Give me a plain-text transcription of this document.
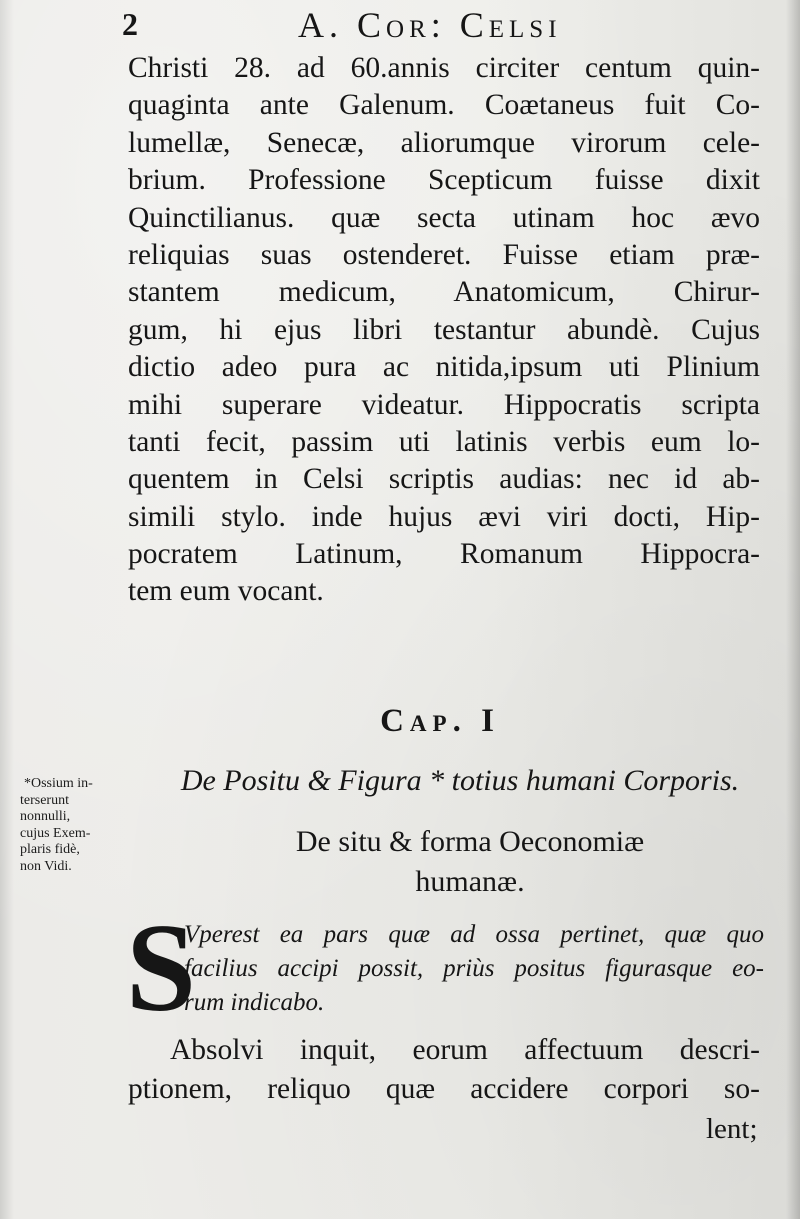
2	A. Cor: Celsi
Christi 28. ad 60.annis circiter centum quin-
quaginta ante Galenum. Coætaneus fuit Co-
lumellæ, Senecæ, aliorumque virorum cele-
brium. Professione Scepticum fuisse dixit
Quinctilianus. quæ secta utinam hoc ævo
reliquias suas ostenderet. Fuisse etiam præ-
stantem medicum, Anatomicum, Chirur-
gum, hi ejus libri testantur abundè. Cujus
dictio adeo pura ac nitida,ipsum uti Plinium
mihi superare videatur. Hippocratis scripta
tanti fecit, passim uti latinis verbis eum lo-
quentem in Celsi scriptis audias: nec id ab-
simili stylo. inde hujus ævi viri docti, Hip-
pocratem Latinum, Romanum Hippocra-
tem eum vocant.
Cap. I
De Positu & Figura * totius humani Corporis.
De situ & forma Oeconomiæ
humanæ.
*Ossium in-
terserunt
nonnulli,
cujus Exem-
plaris fidè,
non Vidi.
S
Vperest ea pars quæ ad ossa pertinet, quæ quo
facilius accipi possit, priùs positus figurasque eo-
rum indicabo.
Absolvi inquit, eorum affectuum descri-
ptionem, reliquo quæ accidere corpori so-
lent;
